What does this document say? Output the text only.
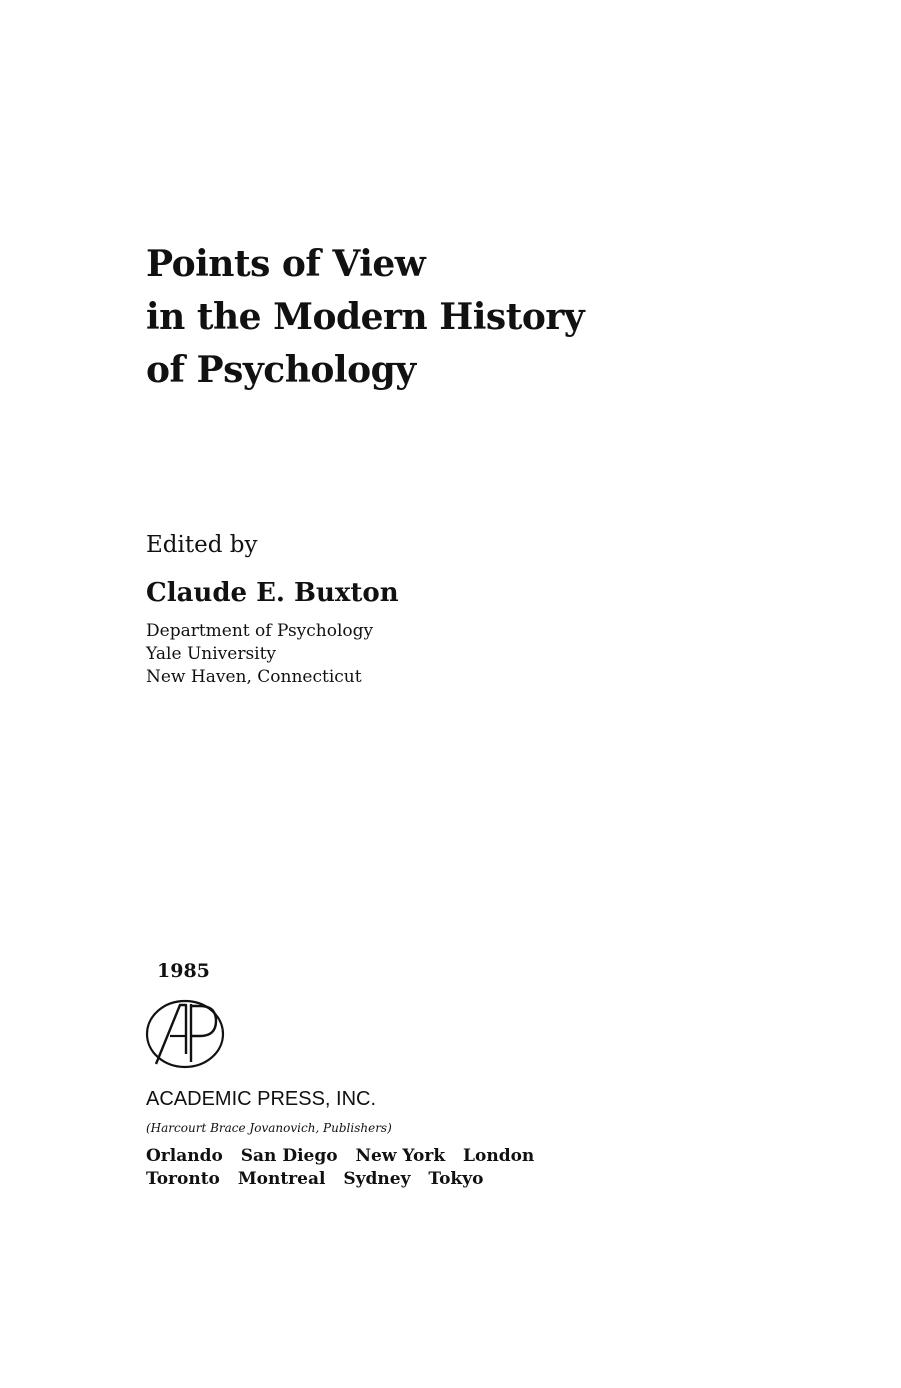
Points of View
in the Modern History
of Psychology
Edited by
Claude E. Buxton
Department of Psychology
Yale University
New Haven, Connecticut
1985
ACADEMIC PRESS, INC.
(Harcourt Brace Jovanovich, Publishers)
Orlando San Diego New York London
Toronto Montreal Sydney Tokyo
